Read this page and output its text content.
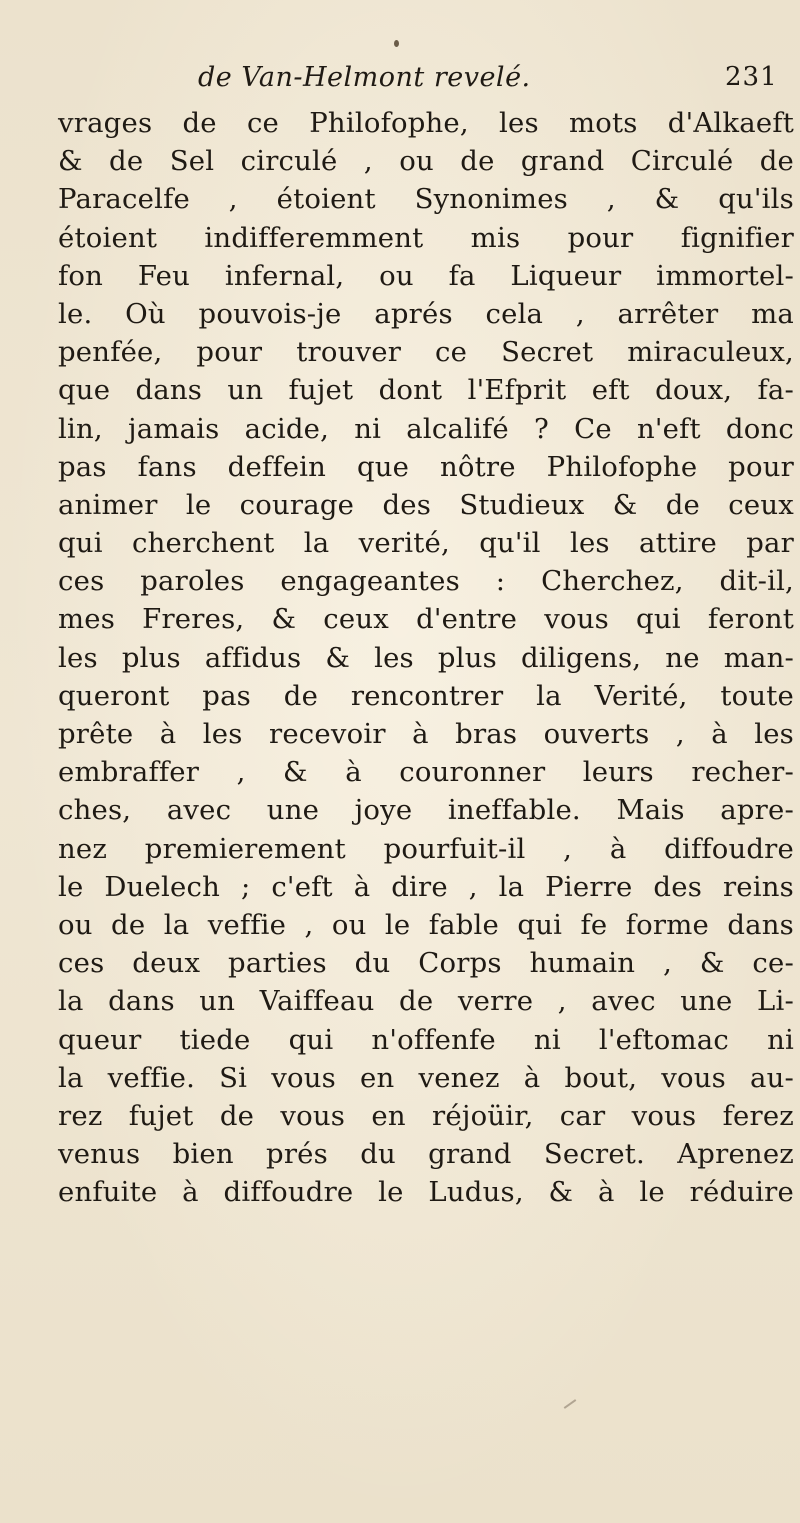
de Van-Helmont revelé.	231
vrages de ce Philofophe, les mots d'Alkaeft
& de Sel circulé , ou de grand Circulé de
Paracelfe , étoient Synonimes , & qu'ils
étoient indifferemment mis pour fignifier
fon Feu infernal, ou fa Liqueur immortel-
le. Où pouvois-je aprés cela , arrêter ma
penfée, pour trouver ce Secret miraculeux,
que dans un fujet dont l'Efprit eft doux, fa-
lin, jamais acide, ni alcalifé ? Ce n'eft donc
pas fans deffein que nôtre Philofophe pour
animer le courage des Studieux & de ceux
qui cherchent la verité, qu'il les attire par
ces paroles engageantes : Cherchez, dit-il,
mes Freres, & ceux d'entre vous qui feront
les plus affidus & les plus diligens, ne man-
queront pas de rencontrer la Verité, toute
prête à les recevoir à bras ouverts , à les
embraffer , & à couronner leurs recher-
ches, avec une joye ineffable. Mais apre-
nez premierement pourfuit-il , à diffoudre
le Duelech ; c'eft à dire , la Pierre des reins
ou de la veffie , ou le fable qui fe forme dans
ces deux parties du Corps humain , & ce-
la dans un Vaiffeau de verre , avec une Li-
queur tiede qui n'offenfe ni l'eftomac ni
la veffie. Si vous en venez à bout, vous au-
rez fujet de vous en réjoüir, car vous ferez
venus bien prés du grand Secret. Aprenez
enfuite à diffoudre le Ludus, & à le réduire
